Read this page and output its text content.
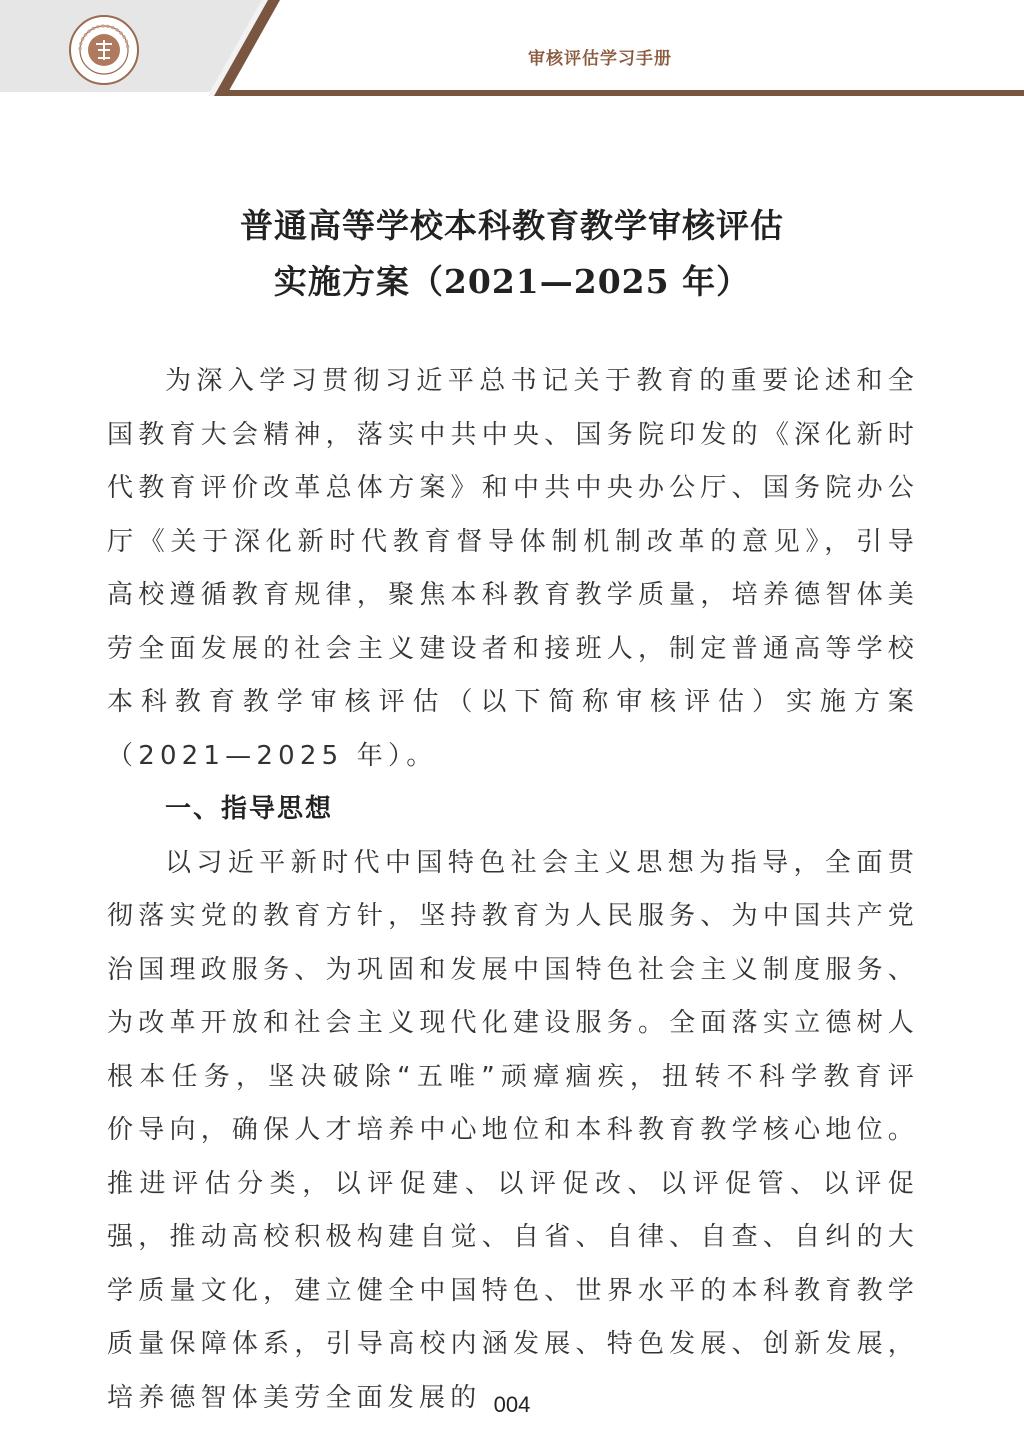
审核评估学习手册
普通高等学校本科教育教学审核评估
实施方案（2021—2025 年）

为深入学习贯彻习近平总书记关于教育的重要论述和全国教育大会精神，落实中共中央、国务院印发的《深化新时代教育评价改革总体方案》和中共中央办公厅、国务院办公厅《关于深化新时代教育督导体制机制改革的意见》，引导高校遵循教育规律，聚焦本科教育教学质量，培养德智体美劳全面发展的社会主义建设者和接班人，制定普通高等学校本科教育教学审核评估（以下简称审核评估）实施方案（2021—2025 年）。

一、指导思想

以习近平新时代中国特色社会主义思想为指导，全面贯彻落实党的教育方针，坚持教育为人民服务、为中国共产党治国理政服务、为巩固和发展中国特色社会主义制度服务、为改革开放和社会主义现代化建设服务。全面落实立德树人根本任务，坚决破除“五唯”顽瘴痼疾，扭转不科学教育评价导向，确保人才培养中心地位和本科教育教学核心地位。推进评估分类，以评促建、以评促改、以评促管、以评促强，推动高校积极构建自觉、自省、自律、自查、自纠的大学质量文化，建立健全中国特色、世界水平的本科教育教学质量保障体系，引导高校内涵发展、特色发展、创新发展，培养德智体美劳全面发展的 004
